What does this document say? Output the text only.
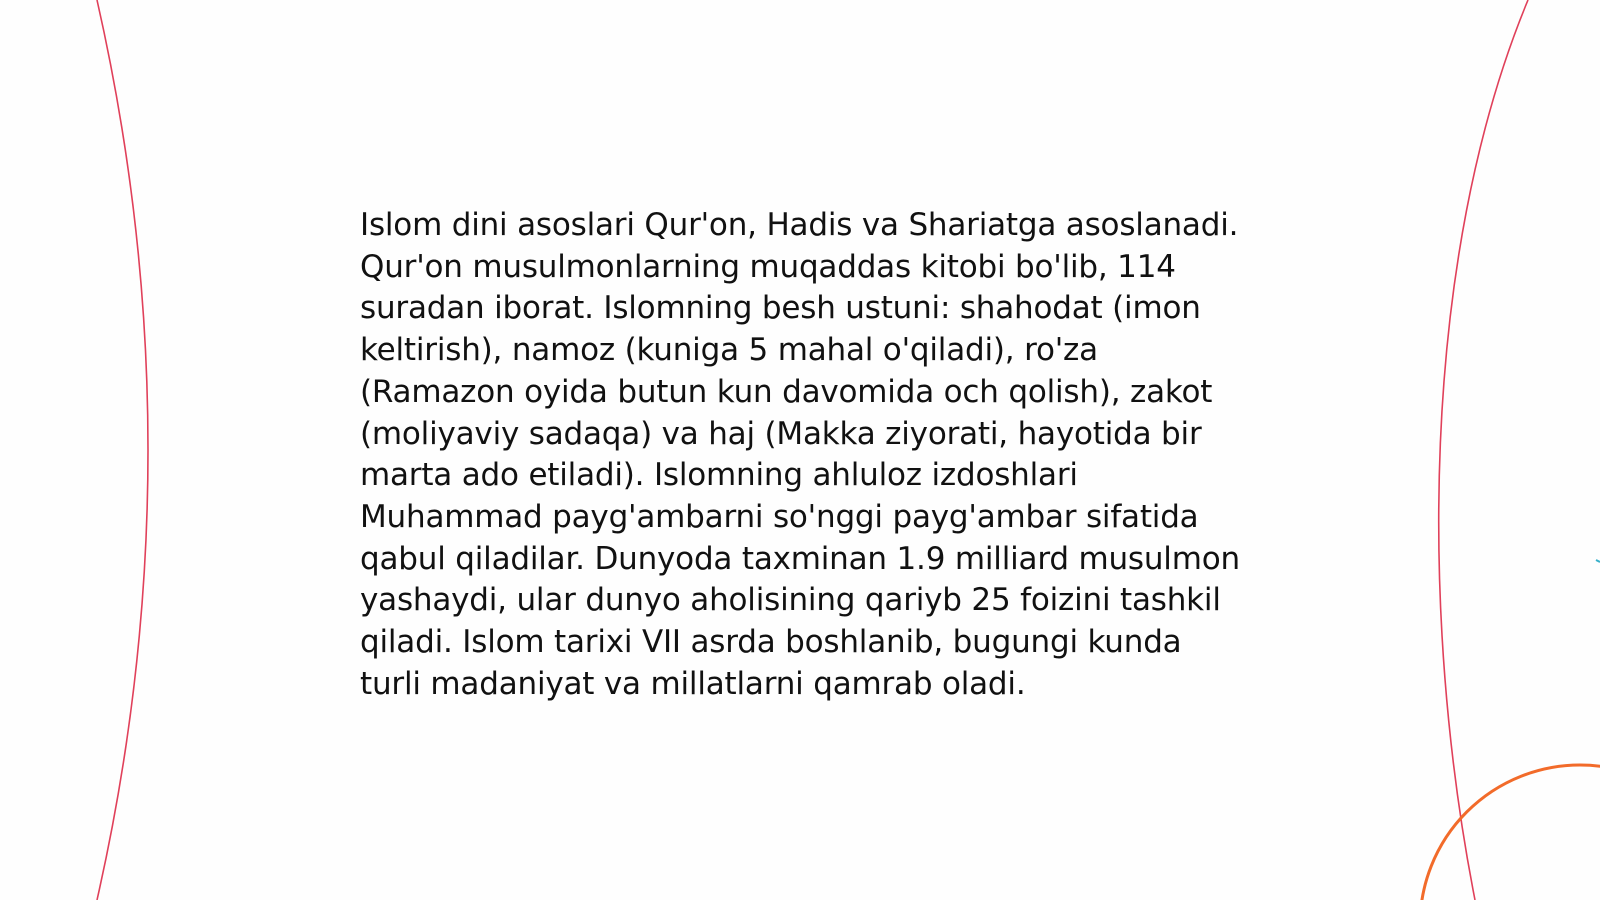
Islom dini asoslari Qur'on, Hadis va Shariatga asoslanadi. Qur'on musulmonlarning muqaddas kitobi bo'lib, 114 suradan iborat. Islomning besh ustuni: shahodat (imon keltirish), namoz (kuniga 5 mahal o'qiladi), ro'za (Ramazon oyida butun kun davomida och qolish), zakot (moliyaviy sadaqa) va haj (Makka ziyorati, hayotida bir marta ado etiladi). Islomning ahluloz izdoshlari Muhammad payg'ambarni so'nggi payg'ambar sifatida qabul qiladilar. Dunyoda taxminan 1.9 milliard musulmon yashaydi, ular dunyo aholisining qariyb 25 foizini tashkil qiladi. Islom tarixi VII asrda boshlanib, bugungi kunda turli madaniyat va millatlarni qamrab oladi.
